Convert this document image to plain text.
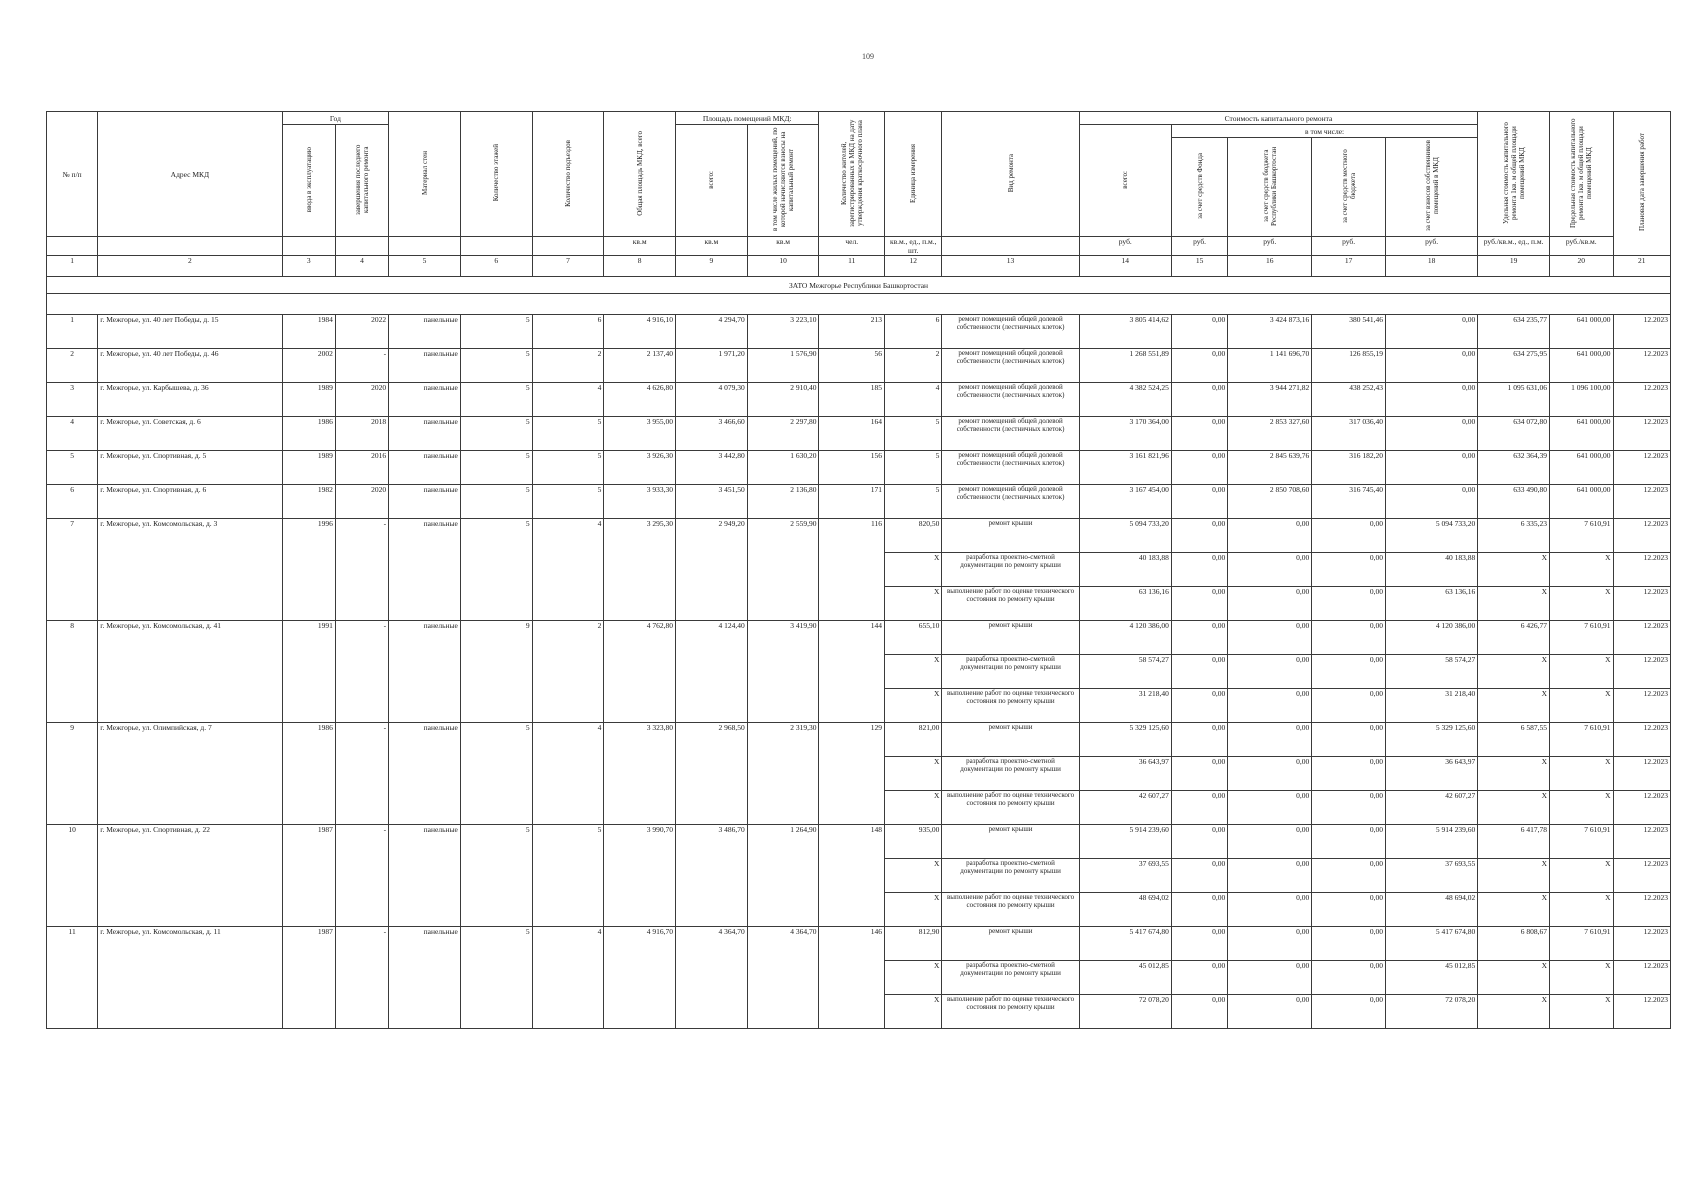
109
№ п/п	Адрес МКД	Год		Материал стен	Количество этажей	Количество подъездов	Общая площадь МКД, всего	Площадь помещений МКД:		Количество жителей, зарегистрированных в МКД на дату утверждения краткосрочного плана	Единица измерения	Вид ремонта	Стоимость капитального ремонта					Удельная стоимость капитального ремонта 1кв. м общей площади помещений МКД	Предельная стоимость капитального ремонта 1кв. м общей площади помещений МКД	Плановая дата завершения работ
		ввода в эксплуатацию	завершения последнего капитального ремонта					всего:	в том числе жилых помещений, по которой начисляются взносы на капитальный ремонт				всего:	в том числе:						
														за счет средств Фонда	за счет средств бюджета Республики Башкортостан	за счет средств местного бюджета	за счет взносов собственников помещений в МКД			
							кв.м	кв.м	кв.м	чел.	кв.м., ед., п.м., шт.		руб.	руб.	руб.	руб.	руб.	руб./кв.м., ед., п.м.	руб./кв.м.	
1	2	3	4	5	6	7	8	9	10	11	12	13	14	15	16	17	18	19	20	21
ЗАТО Межгорье Республики Башкортостан																				

1	г. Межгорье, ул. 40 лет Победы, д. 15	1984	2022	панельные	5	6	4 916,10	4 294,70	3 223,10	213	6	ремонт помещений общей долевой собственности (лестничных клеток)	3 805 414,62	0,00	3 424 873,16	380 541,46	0,00	634 235,77	641 000,00	12.2023
2	г. Межгорье, ул. 40 лет Победы, д. 46	2002	-	панельные	5	2	2 137,40	1 971,20	1 576,90	56	2	ремонт помещений общей долевой собственности (лестничных клеток)	1 268 551,89	0,00	1 141 696,70	126 855,19	0,00	634 275,95	641 000,00	12.2023
3	г. Межгорье, ул. Карбышева, д. 36	1989	2020	панельные	5	4	4 626,80	4 079,30	2 910,40	185	4	ремонт помещений общей долевой собственности (лестничных клеток)	4 382 524,25	0,00	3 944 271,82	438 252,43	0,00	1 095 631,06	1 096 100,00	12.2023
4	г. Межгорье, ул. Советская, д. 6	1986	2018	панельные	5	5	3 955,00	3 466,60	2 297,80	164	5	ремонт помещений общей долевой собственности (лестничных клеток)	3 170 364,00	0,00	2 853 327,60	317 036,40	0,00	634 072,80	641 000,00	12.2023
5	г. Межгорье, ул. Спортивная, д. 5	1989	2016	панельные	5	5	3 926,30	3 442,80	1 630,20	156	5	ремонт помещений общей долевой собственности (лестничных клеток)	3 161 821,96	0,00	2 845 639,76	316 182,20	0,00	632 364,39	641 000,00	12.2023
6	г. Межгорье, ул. Спортивная, д. 6	1982	2020	панельные	5	5	3 933,30	3 451,50	2 136,80	171	5	ремонт помещений общей долевой собственности (лестничных клеток)	3 167 454,00	0,00	2 850 708,60	316 745,40	0,00	633 490,80	641 000,00	12.2023
7	г. Межгорье, ул. Комсомольская, д. 3	1996	-	панельные	5	4	3 295,30	2 949,20	2 559,90	116	820,50	ремонт крыши	5 094 733,20	0,00	0,00	0,00	5 094 733,20	6 335,23	7 610,91	12.2023
											X	разработка проектно-сметной документации по ремонту крыши	40 183,88	0,00	0,00	0,00	40 183,88	X	X	12.2023
											X	выполнение работ по оценке технического состояния по ремонту крыши	63 136,16	0,00	0,00	0,00	63 136,16	X	X	12.2023
8	г. Межгорье, ул. Комсомольская, д. 41	1991	-	панельные	9	2	4 762,80	4 124,40	3 419,90	144	655,10	ремонт крыши	4 120 386,00	0,00	0,00	0,00	4 120 386,00	6 426,77	7 610,91	12.2023
											X	разработка проектно-сметной документации по ремонту крыши	58 574,27	0,00	0,00	0,00	58 574,27	X	X	12.2023
											X	выполнение работ по оценке технического состояния по ремонту крыши	31 218,40	0,00	0,00	0,00	31 218,40	X	X	12.2023
9	г. Межгорье, ул. Олимпийская, д. 7	1986	-	панельные	5	4	3 323,80	2 968,50	2 319,30	129	821,00	ремонт крыши	5 329 125,60	0,00	0,00	0,00	5 329 125,60	6 587,55	7 610,91	12.2023
											X	разработка проектно-сметной документации по ремонту крыши	36 643,97	0,00	0,00	0,00	36 643,97	X	X	12.2023
											X	выполнение работ по оценке технического состояния по ремонту крыши	42 607,27	0,00	0,00	0,00	42 607,27	X	X	12.2023
10	г. Межгорье, ул. Спортивная, д. 22	1987	-	панельные	5	5	3 990,70	3 486,70	1 264,90	148	935,00	ремонт крыши	5 914 239,60	0,00	0,00	0,00	5 914 239,60	6 417,78	7 610,91	12.2023
											X	разработка проектно-сметной документации по ремонту крыши	37 693,55	0,00	0,00	0,00	37 693,55	X	X	12.2023
											X	выполнение работ по оценке технического состояния по ремонту крыши	48 694,02	0,00	0,00	0,00	48 694,02	X	X	12.2023
11	г. Межгорье, ул. Комсомольская, д. 11	1987	-	панельные	5	4	4 916,70	4 364,70	4 364,70	146	812,90	ремонт крыши	5 417 674,80	0,00	0,00	0,00	5 417 674,80	6 808,67	7 610,91	12.2023
											X	разработка проектно-сметной документации по ремонту крыши	45 012,85	0,00	0,00	0,00	45 012,85	X	X	12.2023
											X	выполнение работ по оценке технического состояния по ремонту крыши	72 078,20	0,00	0,00	0,00	72 078,20	X	X	12.2023
